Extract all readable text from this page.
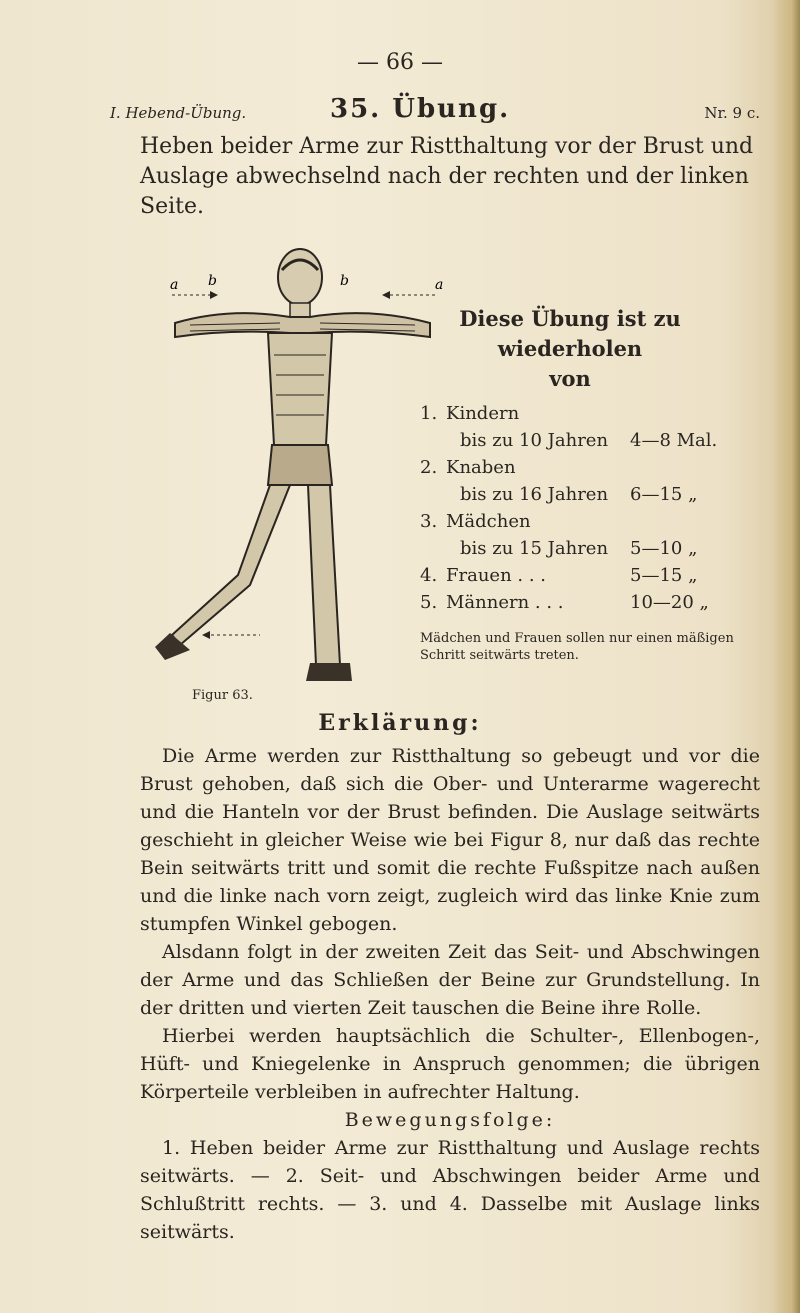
— 66 —
I. Hebend-Übung.	35. Übung.	Nr. 9 c.
Heben beider Arme zur Ristthaltung vor der Brust und Auslage abwechselnd nach der rechten und der linken Seite.
a b	b	a
Figur 63.
Diese Übung ist zu wiederholen
von
1. Kindern
bis zu 10 Jahren 4—8 Mal.
2. Knaben
bis zu 16 Jahren 6—15 „
3. Mädchen
bis zu 15 Jahren 5—10 „
4. Frauen . . .	5—15 „
5. Männern . . .	10—20 „
Mädchen und Frauen sollen nur einen mäßigen Schritt seitwärts treten.
Erklärung:

Die Arme werden zur Ristthaltung so gebeugt und vor die Brust gehoben, daß sich die Ober- und Unterarme wagerecht und die Hanteln vor der Brust befinden. Die Auslage seitwärts geschieht in gleicher Weise wie bei Figur 8, nur daß das rechte Bein seitwärts tritt und somit die rechte Fußspitze nach außen und die linke nach vorn zeigt, zugleich wird das linke Knie zum stumpfen Winkel gebogen.

Alsdann folgt in der zweiten Zeit das Seit- und Abschwingen der Arme und das Schließen der Beine zur Grundstellung. In der dritten und vierten Zeit tauschen die Beine ihre Rolle.

Hierbei werden hauptsächlich die Schulter-, Ellenbogen-, Hüft- und Kniegelenke in Anspruch genommen; die übrigen Körperteile verbleiben in aufrechter Haltung.

Bewegungsfolge:

1. Heben beider Arme zur Ristthaltung und Auslage rechts seitwärts. — 2. Seit- und Abschwingen beider Arme und Schlußtritt rechts. — 3. und 4. Dasselbe mit Auslage links seitwärts.
